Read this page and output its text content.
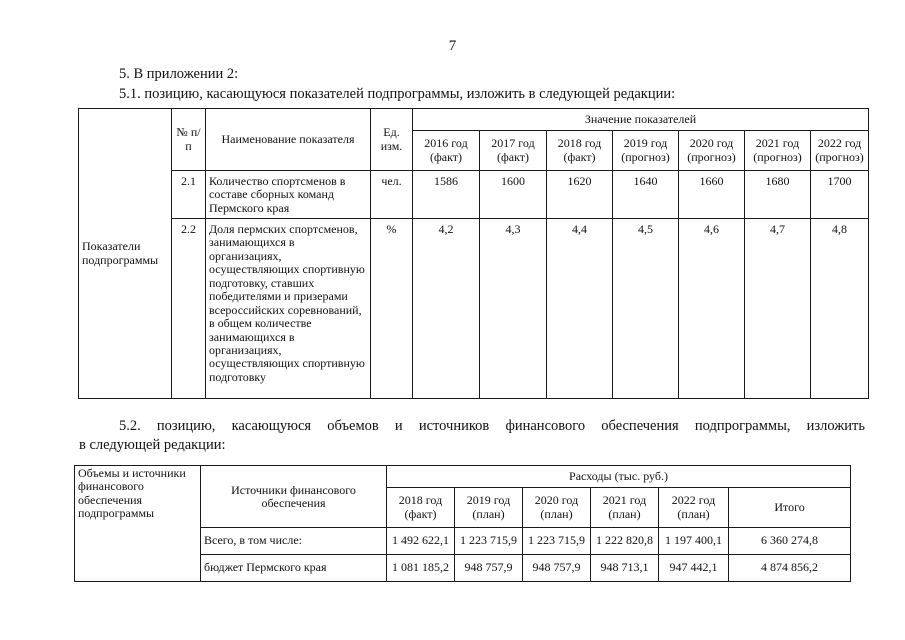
7
5. В приложении 2:
5.1. позицию, касающуюся показателей подпрограммы, изложить в следующей редакции:
Показатели подпрограммы	№ п/п	Наименование показателя	Ед. изм.	Значение показателей						
				2016 год (факт)	2017 год (факт)	2018 год (факт)	2019 год (прогноз)	2020 год (прогноз)	2021 год (прогноз)	2022 год (прогноз)
	2.1	Количество спортсменов в составе сборных команд Пермского края	чел.	1586	1600	1620	1640	1660	1680	1700
	2.2	Доля пермских спортсменов, занимающихся в организациях, осуществляющих спортивную подготовку, ставших победителями и призерами всероссийских соревнований, в общем количестве занимающихся в организациях, осуществляющих спортивную подготовку	%	4,2	4,3	4,4	4,5	4,6	4,7	4,8
5.2. позицию, касающуюся объемов и источников финансового обеспечения подпрограммы, изложить
в следующей редакции:
Объемы и источники финансового обеспечения подпрограммы	Источники финансового обеспечения	Расходы (тыс. руб.)					
		2018 год (факт)	2019 год (план)	2020 год (план)	2021 год (план)	2022 год (план)	Итого
	Всего, в том числе:	1 492 622,1	1 223 715,9	1 223 715,9	1 222 820,8	1 197 400,1	6 360 274,8
	бюджет Пермского края	1 081 185,2	948 757,9	948 757,9	948 713,1	947 442,1	4 874 856,2
